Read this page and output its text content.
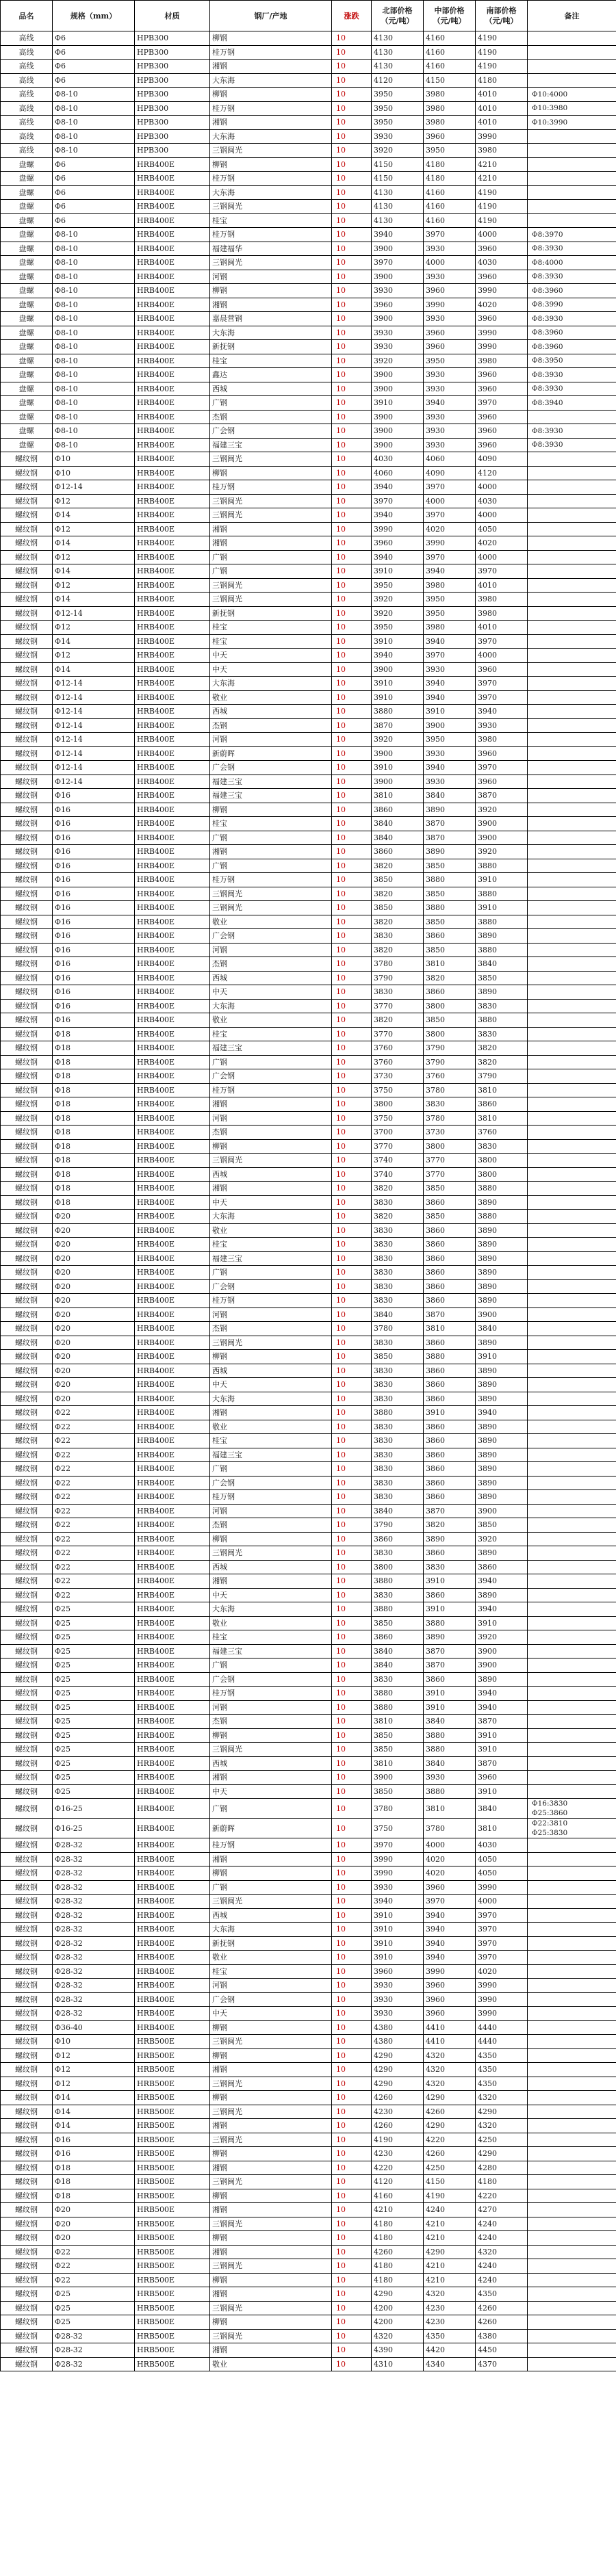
品名	规格（mm）	材质	钢厂/产地	涨跌	北部价格（元/吨）	中部价格（元/吨）	南部价格（元/吨）	备注
高线	Φ6	HPB300	柳钢	10	4130	4160	4190	
高线	Φ6	HPB300	桂万钢	10	4130	4160	4190	
高线	Φ6	HPB300	湘钢	10	4130	4160	4190	
高线	Φ6	HPB300	大东海	10	4120	4150	4180	
高线	Φ8-10	HPB300	柳钢	10	3950	3980	4010	Φ10:4000
高线	Φ8-10	HPB300	桂万钢	10	3950	3980	4010	Φ10:3980
高线	Φ8-10	HPB300	湘钢	10	3950	3980	4010	Φ10:3990
高线	Φ8-10	HPB300	大东海	10	3930	3960	3990	
高线	Φ8-10	HPB300	三钢闽光	10	3920	3950	3980	
盘螺	Φ6	HRB400E	柳钢	10	4150	4180	4210	
盘螺	Φ6	HRB400E	桂万钢	10	4150	4180	4210	
盘螺	Φ6	HRB400E	大东海	10	4130	4160	4190	
盘螺	Φ6	HRB400E	三钢闽光	10	4130	4160	4190	
盘螺	Φ6	HRB400E	桂宝	10	4130	4160	4190	
盘螺	Φ8-10	HRB400E	桂万钢	10	3940	3970	4000	Φ8:3970
盘螺	Φ8-10	HRB400E	福建福华	10	3900	3930	3960	Φ8:3930
盘螺	Φ8-10	HRB400E	三钢闽光	10	3970	4000	4030	Φ8:4000
盘螺	Φ8-10	HRB400E	河钢	10	3900	3930	3960	Φ8:3930
盘螺	Φ8-10	HRB400E	柳钢	10	3930	3960	3990	Φ8:3960
盘螺	Φ8-10	HRB400E	湘钢	10	3960	3990	4020	Φ8:3990
盘螺	Φ8-10	HRB400E	嘉晨营钢	10	3900	3930	3960	Φ8:3930
盘螺	Φ8-10	HRB400E	大东海	10	3930	3960	3990	Φ8:3960
盘螺	Φ8-10	HRB400E	新抚钢	10	3930	3960	3990	Φ8:3960
盘螺	Φ8-10	HRB400E	桂宝	10	3920	3950	3980	Φ8:3950
盘螺	Φ8-10	HRB400E	鑫达	10	3900	3930	3960	Φ8:3930
盘螺	Φ8-10	HRB400E	西城	10	3900	3930	3960	Φ8:3930
盘螺	Φ8-10	HRB400E	广钢	10	3910	3940	3970	Φ8:3940
盘螺	Φ8-10	HRB400E	杰钢	10	3900	3930	3960	
盘螺	Φ8-10	HRB400E	广会钢	10	3900	3930	3960	Φ8:3930
盘螺	Φ8-10	HRB400E	福建三宝	10	3900	3930	3960	Φ8:3930
螺纹钢	Φ10	HRB400E	三钢闽光	10	4030	4060	4090	
螺纹钢	Φ10	HRB400E	柳钢	10	4060	4090	4120	
螺纹钢	Φ12-14	HRB400E	桂万钢	10	3940	3970	4000	
螺纹钢	Φ12	HRB400E	三钢闽光	10	3970	4000	4030	
螺纹钢	Φ14	HRB400E	三钢闽光	10	3940	3970	4000	
螺纹钢	Φ12	HRB400E	湘钢	10	3990	4020	4050	
螺纹钢	Φ14	HRB400E	湘钢	10	3960	3990	4020	
螺纹钢	Φ12	HRB400E	广钢	10	3940	3970	4000	
螺纹钢	Φ14	HRB400E	广钢	10	3910	3940	3970	
螺纹钢	Φ12	HRB400E	三钢闽光	10	3950	3980	4010	
螺纹钢	Φ14	HRB400E	三钢闽光	10	3920	3950	3980	
螺纹钢	Φ12-14	HRB400E	新抚钢	10	3920	3950	3980	
螺纹钢	Φ12	HRB400E	桂宝	10	3950	3980	4010	
螺纹钢	Φ14	HRB400E	桂宝	10	3910	3940	3970	
螺纹钢	Φ12	HRB400E	中天	10	3940	3970	4000	
螺纹钢	Φ14	HRB400E	中天	10	3900	3930	3960	
螺纹钢	Φ12-14	HRB400E	大东海	10	3910	3940	3970	
螺纹钢	Φ12-14	HRB400E	敬业	10	3910	3940	3970	
螺纹钢	Φ12-14	HRB400E	西城	10	3880	3910	3940	
螺纹钢	Φ12-14	HRB400E	杰钢	10	3870	3900	3930	
螺纹钢	Φ12-14	HRB400E	河钢	10	3920	3950	3980	
螺纹钢	Φ12-14	HRB400E	新蔚晖	10	3900	3930	3960	
螺纹钢	Φ12-14	HRB400E	广会钢	10	3910	3940	3970	
螺纹钢	Φ12-14	HRB400E	福建三宝	10	3900	3930	3960	
螺纹钢	Φ16	HRB400E	福建三宝	10	3810	3840	3870	
螺纹钢	Φ16	HRB400E	柳钢	10	3860	3890	3920	
螺纹钢	Φ16	HRB400E	桂宝	10	3840	3870	3900	
螺纹钢	Φ16	HRB400E	广钢	10	3840	3870	3900	
螺纹钢	Φ16	HRB400E	湘钢	10	3860	3890	3920	
螺纹钢	Φ16	HRB400E	广钢	10	3820	3850	3880	
螺纹钢	Φ16	HRB400E	桂万钢	10	3850	3880	3910	
螺纹钢	Φ16	HRB400E	三钢闽光	10	3820	3850	3880	
螺纹钢	Φ16	HRB400E	三钢闽光	10	3850	3880	3910	
螺纹钢	Φ16	HRB400E	敬业	10	3820	3850	3880	
螺纹钢	Φ16	HRB400E	广会钢	10	3830	3860	3890	
螺纹钢	Φ16	HRB400E	河钢	10	3820	3850	3880	
螺纹钢	Φ16	HRB400E	杰钢	10	3780	3810	3840	
螺纹钢	Φ16	HRB400E	西城	10	3790	3820	3850	
螺纹钢	Φ16	HRB400E	中天	10	3830	3860	3890	
螺纹钢	Φ16	HRB400E	大东海	10	3770	3800	3830	
螺纹钢	Φ16	HRB400E	敬业	10	3820	3850	3880	
螺纹钢	Φ18	HRB400E	桂宝	10	3770	3800	3830	
螺纹钢	Φ18	HRB400E	福建三宝	10	3760	3790	3820	
螺纹钢	Φ18	HRB400E	广钢	10	3760	3790	3820	
螺纹钢	Φ18	HRB400E	广会钢	10	3730	3760	3790	
螺纹钢	Φ18	HRB400E	桂万钢	10	3750	3780	3810	
螺纹钢	Φ18	HRB400E	湘钢	10	3800	3830	3860	
螺纹钢	Φ18	HRB400E	河钢	10	3750	3780	3810	
螺纹钢	Φ18	HRB400E	杰钢	10	3700	3730	3760	
螺纹钢	Φ18	HRB400E	柳钢	10	3770	3800	3830	
螺纹钢	Φ18	HRB400E	三钢闽光	10	3740	3770	3800	
螺纹钢	Φ18	HRB400E	西城	10	3740	3770	3800	
螺纹钢	Φ18	HRB400E	湘钢	10	3820	3850	3880	
螺纹钢	Φ18	HRB400E	中天	10	3830	3860	3890	
螺纹钢	Φ20	HRB400E	大东海	10	3820	3850	3880	
螺纹钢	Φ20	HRB400E	敬业	10	3830	3860	3890	
螺纹钢	Φ20	HRB400E	桂宝	10	3830	3860	3890	
螺纹钢	Φ20	HRB400E	福建三宝	10	3830	3860	3890	
螺纹钢	Φ20	HRB400E	广钢	10	3830	3860	3890	
螺纹钢	Φ20	HRB400E	广会钢	10	3830	3860	3890	
螺纹钢	Φ20	HRB400E	桂万钢	10	3830	3860	3890	
螺纹钢	Φ20	HRB400E	河钢	10	3840	3870	3900	
螺纹钢	Φ20	HRB400E	杰钢	10	3780	3810	3840	
螺纹钢	Φ20	HRB400E	三钢闽光	10	3830	3860	3890	
螺纹钢	Φ20	HRB400E	柳钢	10	3850	3880	3910	
螺纹钢	Φ20	HRB400E	西城	10	3830	3860	3890	
螺纹钢	Φ20	HRB400E	中天	10	3830	3860	3890	
螺纹钢	Φ20	HRB400E	大东海	10	3830	3860	3890	
螺纹钢	Φ22	HRB400E	湘钢	10	3880	3910	3940	
螺纹钢	Φ22	HRB400E	敬业	10	3830	3860	3890	
螺纹钢	Φ22	HRB400E	桂宝	10	3830	3860	3890	
螺纹钢	Φ22	HRB400E	福建三宝	10	3830	3860	3890	
螺纹钢	Φ22	HRB400E	广钢	10	3830	3860	3890	
螺纹钢	Φ22	HRB400E	广会钢	10	3830	3860	3890	
螺纹钢	Φ22	HRB400E	桂万钢	10	3830	3860	3890	
螺纹钢	Φ22	HRB400E	河钢	10	3840	3870	3900	
螺纹钢	Φ22	HRB400E	杰钢	10	3790	3820	3850	
螺纹钢	Φ22	HRB400E	柳钢	10	3860	3890	3920	
螺纹钢	Φ22	HRB400E	三钢闽光	10	3830	3860	3890	
螺纹钢	Φ22	HRB400E	西城	10	3800	3830	3860	
螺纹钢	Φ22	HRB400E	湘钢	10	3880	3910	3940	
螺纹钢	Φ22	HRB400E	中天	10	3830	3860	3890	
螺纹钢	Φ25	HRB400E	大东海	10	3880	3910	3940	
螺纹钢	Φ25	HRB400E	敬业	10	3850	3880	3910	
螺纹钢	Φ25	HRB400E	桂宝	10	3860	3890	3920	
螺纹钢	Φ25	HRB400E	福建三宝	10	3840	3870	3900	
螺纹钢	Φ25	HRB400E	广钢	10	3840	3870	3900	
螺纹钢	Φ25	HRB400E	广会钢	10	3830	3860	3890	
螺纹钢	Φ25	HRB400E	桂万钢	10	3880	3910	3940	
螺纹钢	Φ25	HRB400E	河钢	10	3880	3910	3940	
螺纹钢	Φ25	HRB400E	杰钢	10	3810	3840	3870	
螺纹钢	Φ25	HRB400E	柳钢	10	3850	3880	3910	
螺纹钢	Φ25	HRB400E	三钢闽光	10	3850	3880	3910	
螺纹钢	Φ25	HRB400E	西城	10	3810	3840	3870	
螺纹钢	Φ25	HRB400E	湘钢	10	3900	3930	3960	
螺纹钢	Φ25	HRB400E	中天	10	3850	3880	3910	
螺纹钢	Φ16-25	HRB400E	广钢	10	3780	3810	3840	Φ16:3830
Φ25:3860
螺纹钢	Φ16-25	HRB400E	新蔚晖	10	3750	3780	3810	Φ22:3810
Φ25:3830
螺纹钢	Φ28-32	HRB400E	桂万钢	10	3970	4000	4030	
螺纹钢	Φ28-32	HRB400E	湘钢	10	3990	4020	4050	
螺纹钢	Φ28-32	HRB400E	柳钢	10	3990	4020	4050	
螺纹钢	Φ28-32	HRB400E	广钢	10	3930	3960	3990	
螺纹钢	Φ28-32	HRB400E	三钢闽光	10	3940	3970	4000	
螺纹钢	Φ28-32	HRB400E	西城	10	3910	3940	3970	
螺纹钢	Φ28-32	HRB400E	大东海	10	3910	3940	3970	
螺纹钢	Φ28-32	HRB400E	新抚钢	10	3910	3940	3970	
螺纹钢	Φ28-32	HRB400E	敬业	10	3910	3940	3970	
螺纹钢	Φ28-32	HRB400E	桂宝	10	3960	3990	4020	
螺纹钢	Φ28-32	HRB400E	河钢	10	3930	3960	3990	
螺纹钢	Φ28-32	HRB400E	广会钢	10	3930	3960	3990	
螺纹钢	Φ28-32	HRB400E	中天	10	3930	3960	3990	
螺纹钢	Φ36-40	HRB400E	柳钢	10	4380	4410	4440	
螺纹钢	Φ10	HRB500E	三钢闽光	10	4380	4410	4440	
螺纹钢	Φ12	HRB500E	柳钢	10	4290	4320	4350	
螺纹钢	Φ12	HRB500E	湘钢	10	4290	4320	4350	
螺纹钢	Φ12	HRB500E	三钢闽光	10	4290	4320	4350	
螺纹钢	Φ14	HRB500E	柳钢	10	4260	4290	4320	
螺纹钢	Φ14	HRB500E	三钢闽光	10	4230	4260	4290	
螺纹钢	Φ14	HRB500E	湘钢	10	4260	4290	4320	
螺纹钢	Φ16	HRB500E	三钢闽光	10	4190	4220	4250	
螺纹钢	Φ16	HRB500E	柳钢	10	4230	4260	4290	
螺纹钢	Φ18	HRB500E	湘钢	10	4220	4250	4280	
螺纹钢	Φ18	HRB500E	三钢闽光	10	4120	4150	4180	
螺纹钢	Φ18	HRB500E	柳钢	10	4160	4190	4220	
螺纹钢	Φ20	HRB500E	湘钢	10	4210	4240	4270	
螺纹钢	Φ20	HRB500E	三钢闽光	10	4180	4210	4240	
螺纹钢	Φ20	HRB500E	柳钢	10	4180	4210	4240	
螺纹钢	Φ22	HRB500E	湘钢	10	4260	4290	4320	
螺纹钢	Φ22	HRB500E	三钢闽光	10	4180	4210	4240	
螺纹钢	Φ22	HRB500E	柳钢	10	4180	4210	4240	
螺纹钢	Φ25	HRB500E	湘钢	10	4290	4320	4350	
螺纹钢	Φ25	HRB500E	三钢闽光	10	4200	4230	4260	
螺纹钢	Φ25	HRB500E	柳钢	10	4200	4230	4260	
螺纹钢	Φ28-32	HRB500E	三钢闽光	10	4320	4350	4380	
螺纹钢	Φ28-32	HRB500E	湘钢	10	4390	4420	4450	
螺纹钢	Φ28-32	HRB500E	敬业	10	4310	4340	4370	
